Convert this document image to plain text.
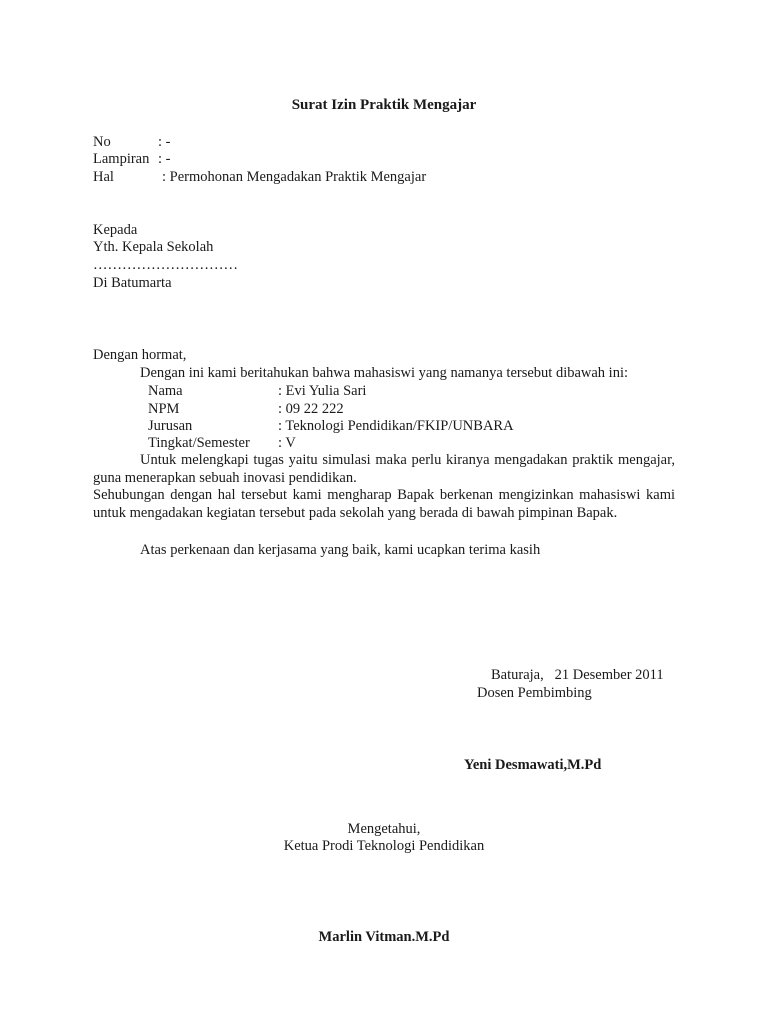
Surat Izin Praktik Mengajar
No	: -
Lampiran : -
Hal	: Permohonan Mengadakan Praktik Mengajar
Kepada
Yth. Kepala Sekolah
…………………………
Di Batumarta
Dengan hormat,
Dengan ini kami beritahukan bahwa mahasiswi yang namanya tersebut dibawah ini:
Nama	: Evi Yulia Sari
NPM	: 09 22 222
Jurusan	: Teknologi Pendidikan/FKIP/UNBARA
Tingkat/Semester : V
Untuk melengkapi tugas yaitu simulasi maka perlu kiranya mengadakan praktik mengajar, guna menerapkan sebuah inovasi pendidikan.
Sehubungan dengan hal tersebut kami mengharap Bapak berkenan mengizinkan mahasiswi kami untuk mengadakan kegiatan tersebut pada sekolah yang berada di bawah pimpinan Bapak.
Atas perkenaan dan kerjasama yang baik, kami ucapkan terima kasih
Baturaja,   21 Desember 2011
Dosen Pembimbing
Yeni Desmawati,M.Pd
Mengetahui,
Ketua Prodi Teknologi Pendidikan
Marlin Vitman.M.Pd
